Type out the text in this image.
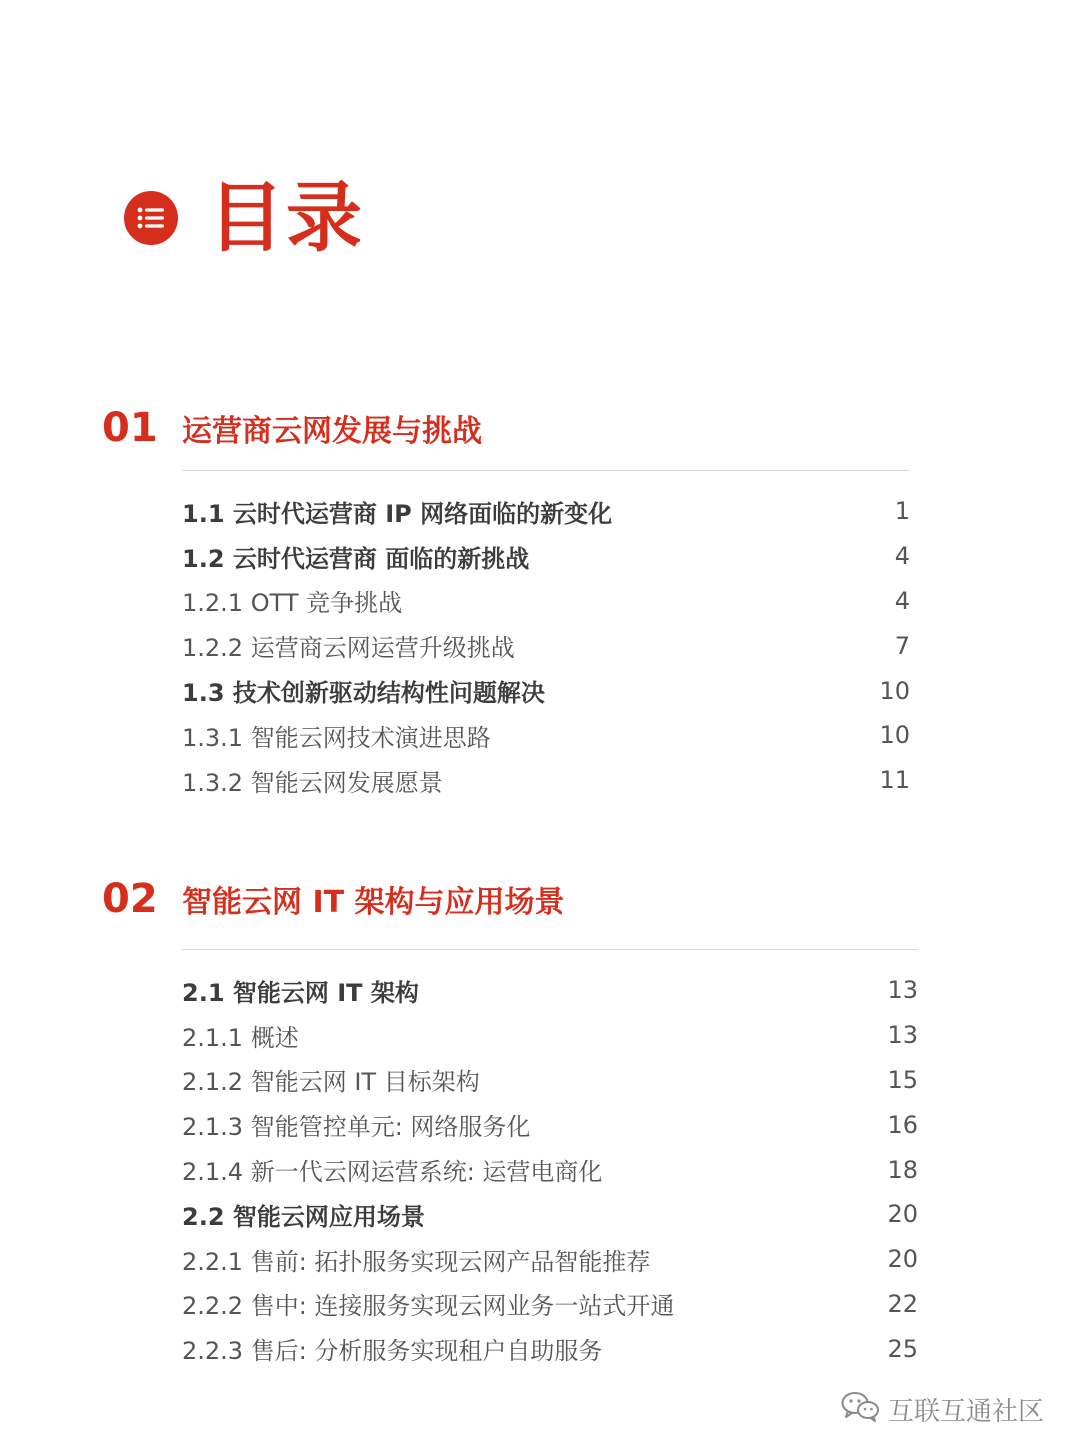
目录
01 运营商云网发展与挑战
1.1 云时代运营商 IP 网络面临的新变化	1
1.2 云时代运营商 面临的新挑战	4
1.2.1 OTT 竞争挑战	4
1.2.2 运营商云网运营升级挑战	7
1.3 技术创新驱动结构性问题解决	10
1.3.1 智能云网技术演进思路	10
1.3.2 智能云网发展愿景	11
02 智能云网 IT 架构与应用场景
2.1 智能云网 IT 架构	13
2.1.1 概述	13
2.1.2 智能云网 IT 目标架构	15
2.1.3 智能管控单元: 网络服务化	16
2.1.4 新一代云网运营系统: 运营电商化	18
2.2 智能云网应用场景	20
2.2.1 售前: 拓扑服务实现云网产品智能推荐	20
2.2.2 售中: 连接服务实现云网业务一站式开通	22
2.2.3 售后: 分析服务实现租户自助服务	25
互联互通社区
